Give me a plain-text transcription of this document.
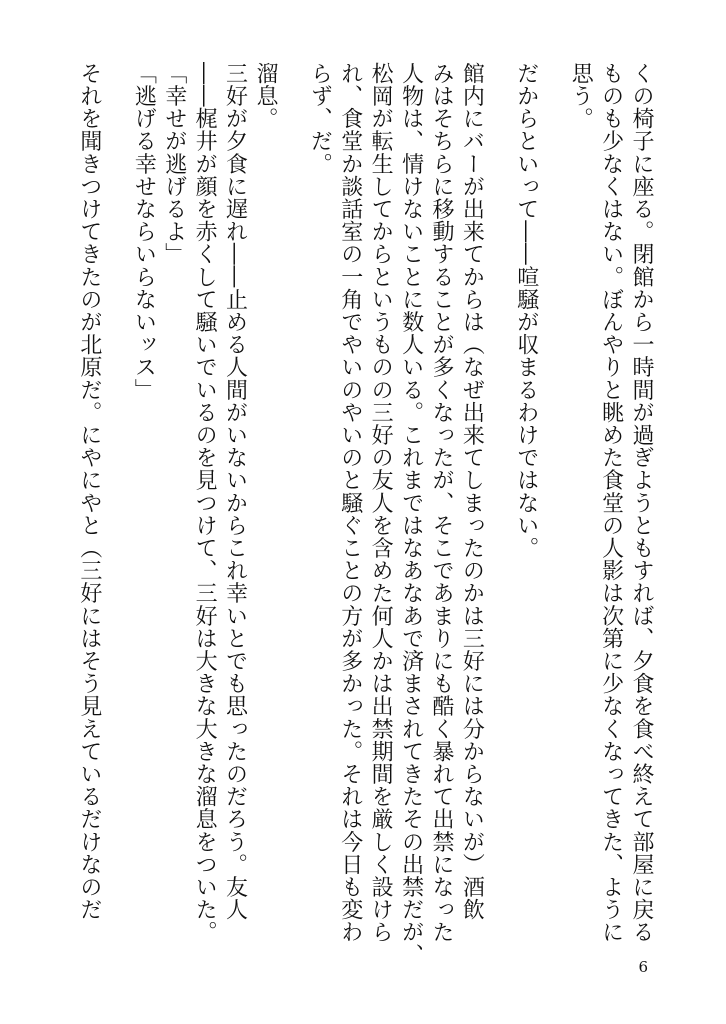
くの椅子に座る。閉館から一時間が過ぎようともすれば、夕食を食べ終えて部屋に戻る
ものも少なくはない。ぼんやりと眺めた食堂の人影は次第に少なくなってきた、ように
思う。
だからといって――喧騒が収まるわけではない。
館内にバーが出来てからは（なぜ出来てしまったのかは三好には分からないが）酒飲
みはそちらに移動することが多くなったが、そこであまりにも酷く暴れて出禁になった
人物は、情けないことに数人いる。これまではなあなあで済まされてきたその出禁だが、
松岡が転生してからというものの三好の友人を含めた何人かは出禁期間を厳しく設けら
れ、食堂か談話室の一角でやいのやいのと騒ぐことの方が多かった。それは今日も変わ
らず、だ。
溜息。
三好が夕食に遅れ――止める人間がいないからこれ幸いとでも思ったのだろう。友人
――梶井が顔を赤くして騒いでいるのを見つけて、三好は大きな大きな溜息をついた。
「幸せが逃げるよ」
「逃げる幸せならいらないッス」
それを聞きつけてきたのが北原だ。にやにやと（三好にはそう見えているだけなのだ
6
